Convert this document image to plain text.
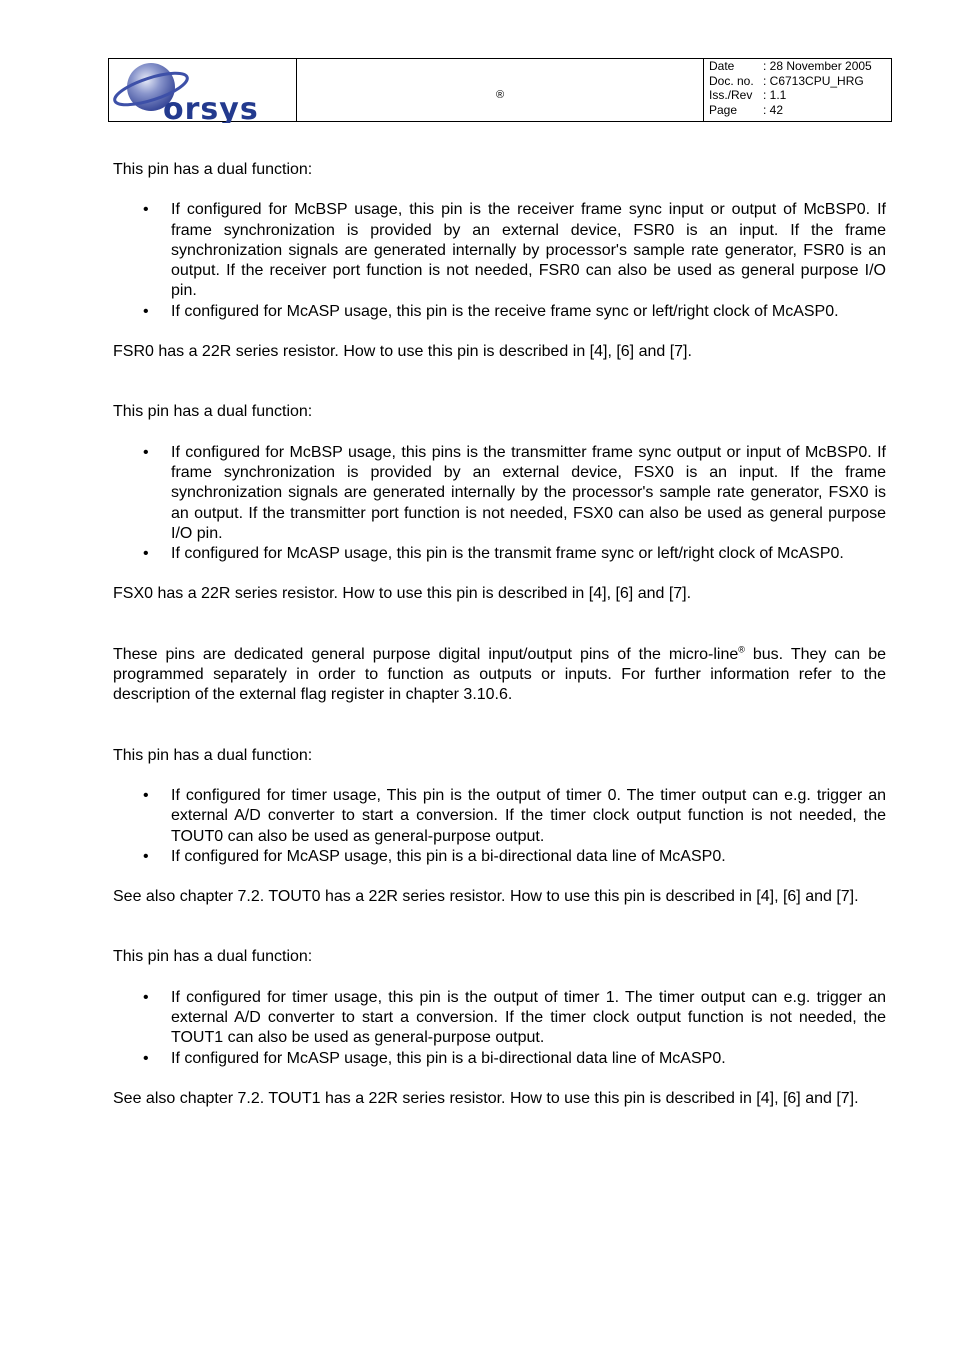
orsys	®
Date	: 28 November 2005
Doc. no. : C6713CPU_HRG
Iss./Rev : 1.1
Page	: 42

This pin has a dual function:

• If configured for McBSP usage, this pin is the receiver frame sync input or output of McBSP0. If frame synchronization is provided by an external device, FSR0 is an input. If the frame synchronization signals are generated internally by processor's sample rate generator, FSR0 is an output. If the receiver port function is not needed, FSR0 can also be used as general purpose I/O pin.
• If configured for McASP usage, this pin is the receive frame sync or left/right clock of McASP0.

FSR0 has a 22R series resistor. How to use this pin is described in [4], [6] and [7].

This pin has a dual function:

• If configured for McBSP usage, this pins is the transmitter frame sync output or input of McBSP0. If frame synchronization is provided by an external device, FSX0 is an input. If the frame synchronization signals are generated internally by the processor's sample rate generator, FSX0 is an output. If the transmitter port function is not needed, FSX0 can also be used as general purpose I/O pin.
• If configured for McASP usage, this pin is the transmit frame sync or left/right clock of McASP0.

FSX0 has a 22R series resistor. How to use this pin is described in [4], [6] and [7].

These pins are dedicated general purpose digital input/output pins of the micro-line® bus. They can be programmed separately in order to function as outputs or inputs. For further information refer to the description of the external flag register in chapter 3.10.6.

This pin has a dual function:

• If configured for timer usage, This pin is the output of timer 0. The timer output can e.g. trigger an external A/D converter to start a conversion. If the timer clock output function is not needed, the TOUT0 can also be used as general-purpose output.
• If configured for McASP usage, this pin is a bi-directional data line of McASP0.

See also chapter 7.2. TOUT0 has a 22R series resistor. How to use this pin is described in [4], [6] and [7].

This pin has a dual function:

• If configured for timer usage, this pin is the output of timer 1. The timer output can e.g. trigger an external A/D converter to start a conversion. If the timer clock output function is not needed, the TOUT1 can also be used as general-purpose output.
• If configured for McASP usage, this pin is a bi-directional data line of McASP0.

See also chapter 7.2. TOUT1 has a 22R series resistor. How to use this pin is described in [4], [6] and [7].
